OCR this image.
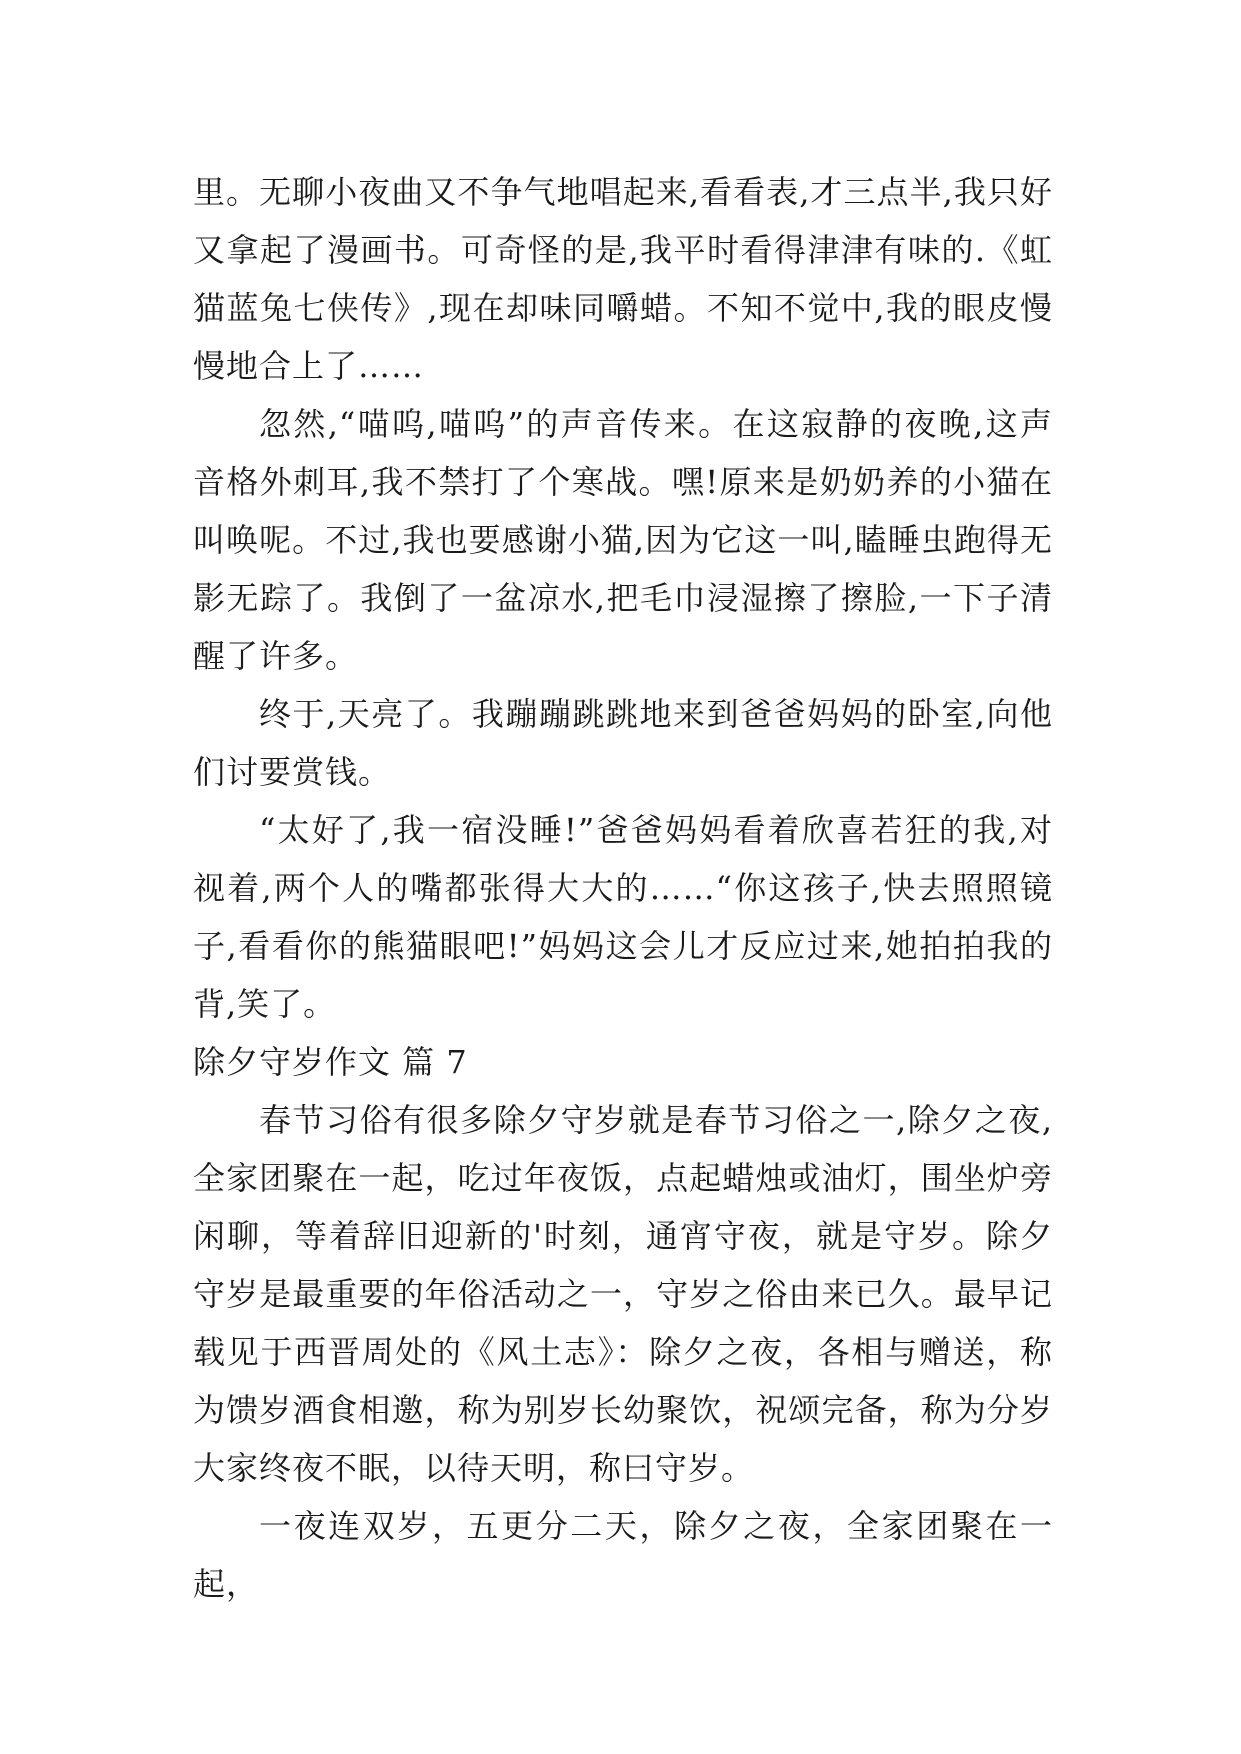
里。无聊小夜曲又不争气地唱起来,看看表,才三点半,我只好又拿起了漫画书。可奇怪的是,我平时看得津津有味的.《虹猫蓝兔七侠传》,现在却味同嚼蜡。不知不觉中,我的眼皮慢慢地合上了……

忽然,“喵呜,喵呜”的声音传来。在这寂静的夜晚,这声音格外刺耳,我不禁打了个寒战。嘿!原来是奶奶养的小猫在叫唤呢。不过,我也要感谢小猫,因为它这一叫,瞌睡虫跑得无影无踪了。我倒了一盆凉水,把毛巾浸湿擦了擦脸,一下子清醒了许多。

终于,天亮了。我蹦蹦跳跳地来到爸爸妈妈的卧室,向他们讨要赏钱。

“太好了,我一宿没睡!”爸爸妈妈看着欣喜若狂的我,对视着,两个人的嘴都张得大大的……“你这孩子,快去照照镜子,看看你的熊猫眼吧!”妈妈这会儿才反应过来,她拍拍我的背,笑了。

除夕守岁作文 篇 7

春节习俗有很多除夕守岁就是春节习俗之一,除夕之夜,全家团聚在一起，吃过年夜饭，点起蜡烛或油灯，围坐炉旁闲聊，等着辞旧迎新的'时刻，通宵守夜，就是守岁。除夕守岁是最重要的年俗活动之一，守岁之俗由来已久。最早记载见于西晋周处的《风土志》：除夕之夜，各相与赠送，称为馈岁酒食相邀，称为别岁长幼聚饮，祝颂完备，称为分岁大家终夜不眠，以待天明，称曰守岁。

一夜连双岁，五更分二天，除夕之夜，全家团聚在一起，
